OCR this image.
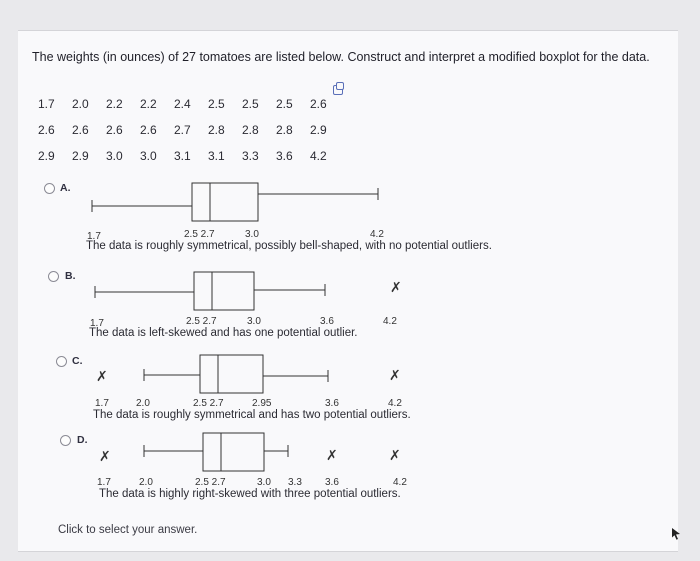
The weights (in ounces) of 27 tomatoes are listed below. Construct and interpret a modified boxplot for the data.
1.7	2.0	2.2	2.2	2.4	2.5	2.5	2.5	2.6
2.6	2.6	2.6	2.6	2.7	2.8	2.8	2.8	2.9
2.9	2.9	3.0	3.0	3.1	3.1	3.3	3.6	4.2
A.
1.7	2.5 2.7	3.0	4.2
The data is roughly symmetrical, possibly bell-shaped, with no potential outliers.
B.
✗
1.7	2.5 2.7	3.0	3.6	4.2
The data is left-skewed and has one potential outlier.
C.
✗	✗
1.7	2.0	2.5 2.7	2.95	3.6	4.2
The data is roughly symmetrical and has two potential outliers.
D.
✗	✗	✗
1.7	2.0	2.5 2.7	3.0 3.3 3.6	4.2
The data is highly right-skewed with three potential outliers.
Click to select your answer.
